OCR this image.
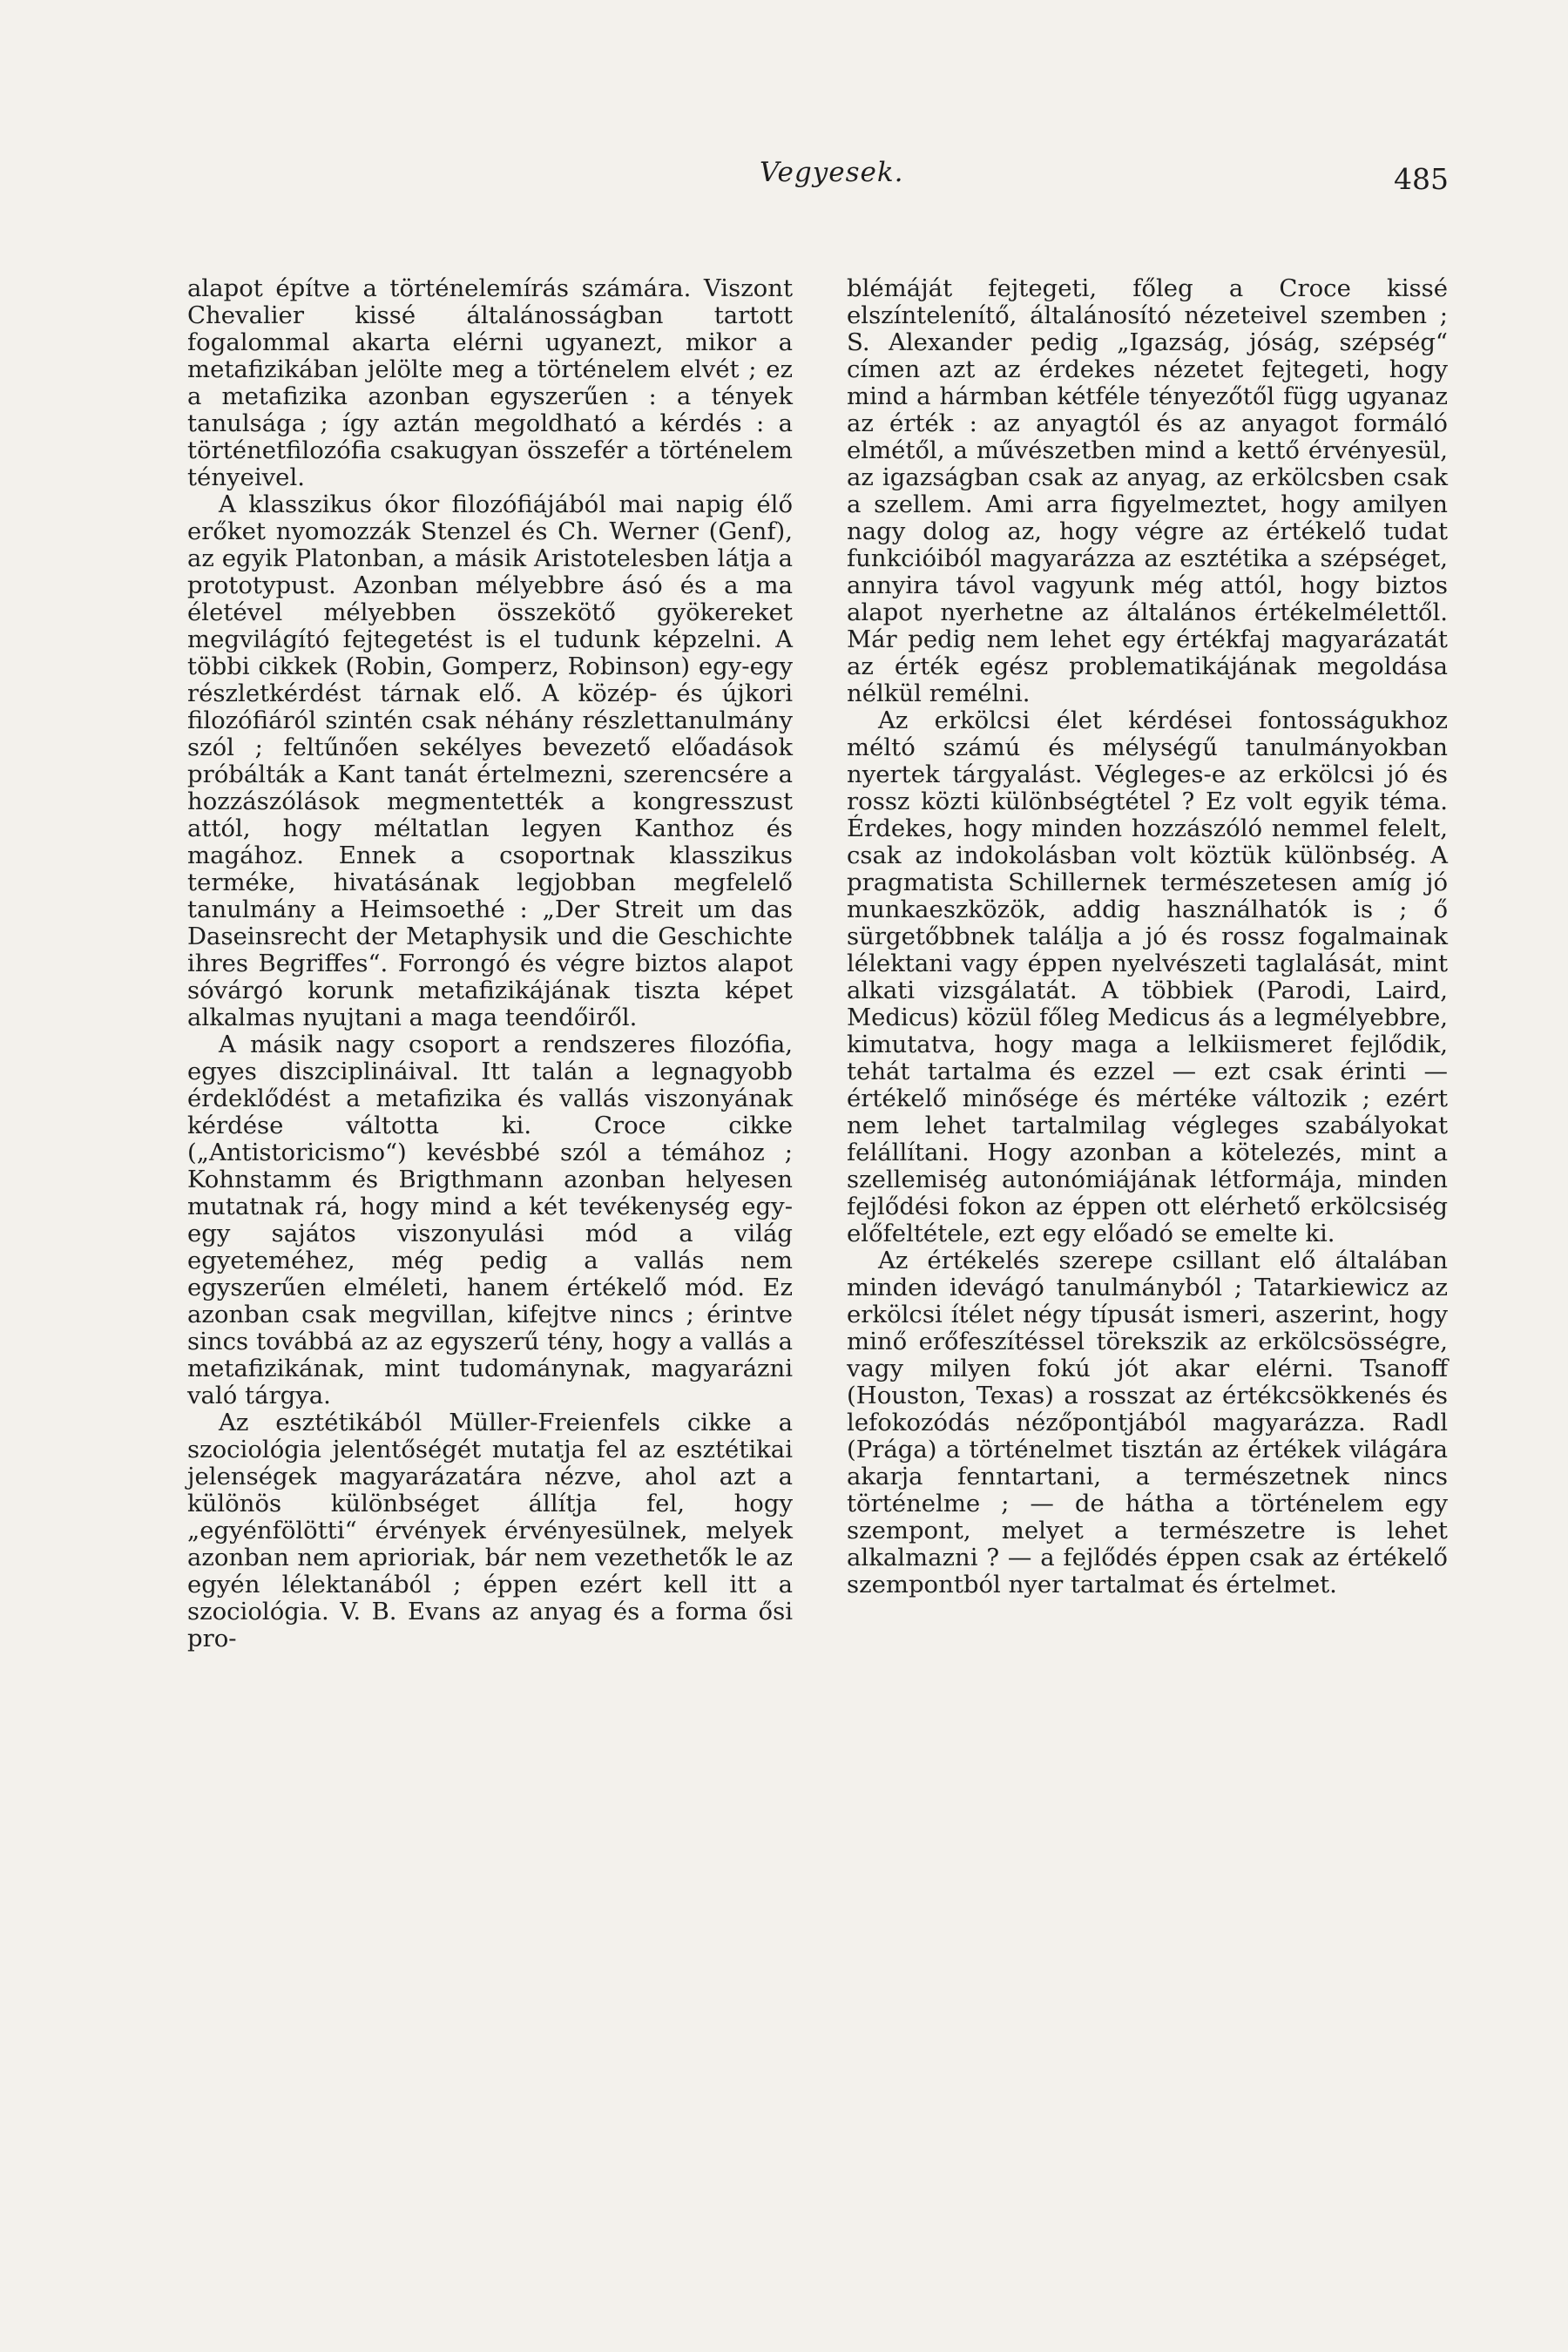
Vegyesek.	485

alapot építve a történelemírás számára. Viszont Chevalier kissé általánosságban tartott fogalommal akarta elérni ugyanezt, mikor a metafizikában jelölte meg a történelem elvét ; ez a metafizika azonban egyszerűen : a tények tanulsága ; így aztán megoldható a kérdés : a történetfilozófia csakugyan összefér a történelem tényeivel.

A klasszikus ókor filozófiájából mai napig élő erőket nyomozzák Stenzel és Ch. Werner (Genf), az egyik Platonban, a másik Aristotelesben látja a prototypust. Azonban mélyebbre ásó és a ma életével mélyebben összekötő gyökereket megvilágító fejtegetést is el tudunk képzelni. A többi cikkek (Robin, Gomperz, Robinson) egy-egy részletkérdést tárnak elő. A közép- és újkori filozófiáról szintén csak néhány részlettanulmány szól ; feltűnően sekélyes bevezető előadások próbálták a Kant tanát értelmezni, szerencsére a hozzászólások megmentették a kongresszust attól, hogy méltatlan legyen Kanthoz és magához. Ennek a csoportnak klasszikus terméke, hivatásának legjobban megfelelő tanulmány a Heimsoethé : „Der Streit um das Daseinsrecht der Metaphysik und die Geschichte ihres Begriffes“. Forrongó és végre biztos alapot sóvárgó korunk metafizikájának tiszta képet alkalmas nyujtani a maga teendőiről.

A másik nagy csoport a rendszeres filozófia, egyes diszciplináival. Itt talán a legnagyobb érdeklődést a metafizika és vallás viszonyának kérdése váltotta ki. Croce cikke („Antistoricismo“) kevésbbé szól a témához ; Kohnstamm és Brigthmann azonban helyesen mutatnak rá, hogy mind a két tevékenység egy-egy sajátos viszonyulási mód a világ egyeteméhez, még pedig a vallás nem egyszerűen elméleti, hanem értékelő mód. Ez azonban csak megvillan, kifejtve nincs ; érintve sincs továbbá az az egyszerű tény, hogy a vallás a metafizikának, mint tudománynak, magyarázni való tárgya.

Az esztétikából Müller-Freienfels cikke a szociológia jelentőségét mutatja fel az esztétikai jelenségek magyarázatára nézve, ahol azt a különös különbséget állítja fel, hogy „egyénfölötti“ érvények érvényesülnek, melyek azonban nem aprioriak, bár nem vezethetők le az egyén lélektanából ; éppen ezért kell itt a szociológia. V. B. Evans az anyag és a forma ősi pro-

blémáját fejtegeti, főleg a Croce kissé elszíntelenítő, általánosító nézeteivel szemben ; S. Alexander pedig „Igazság, jóság, szépség“ címen azt az érdekes nézetet fejtegeti, hogy mind a hármban kétféle tényezőtől függ ugyanaz az érték : az anyagtól és az anyagot formáló elmétől, a művészetben mind a kettő érvényesül, az igazságban csak az anyag, az erkölcsben csak a szellem. Ami arra figyelmeztet, hogy amilyen nagy dolog az, hogy végre az értékelő tudat funkcióiból magyarázza az esztétika a szépséget, annyira távol vagyunk még attól, hogy biztos alapot nyerhetne az általános értékelmélettől. Már pedig nem lehet egy értékfaj magyarázatát az érték egész problematikájának megoldása nélkül remélni.

Az erkölcsi élet kérdései fontosságukhoz méltó számú és mélységű tanulmányokban nyertek tárgyalást. Végleges-e az erkölcsi jó és rossz közti különbségtétel ? Ez volt egyik téma. Érdekes, hogy minden hozzászóló nemmel felelt, csak az indokolásban volt köztük különbség. A pragmatista Schillernek természetesen amíg jó munkaeszközök, addig használhatók is ; ő sürgetőbbnek találja a jó és rossz fogalmainak lélektani vagy éppen nyelvészeti taglalását, mint alkati vizsgálatát. A többiek (Parodi, Laird, Medicus) közül főleg Medicus ás a legmélyebbre, kimutatva, hogy maga a lelkiismeret fejlődik, tehát tartalma és ezzel — ezt csak érinti — értékelő minősége és mértéke változik ; ezért nem lehet tartalmilag végleges szabályokat felállítani. Hogy azonban a kötelezés, mint a szellemiség autonómiájának létformája, minden fejlődési fokon az éppen ott elérhető erkölcsiség előfeltétele, ezt egy előadó se emelte ki.

Az értékelés szerepe csillant elő általában minden idevágó tanulmányból ; Tatarkiewicz az erkölcsi ítélet négy típusát ismeri, aszerint, hogy minő erőfeszítéssel törekszik az erkölcsösségre, vagy milyen fokú jót akar elérni. Tsanoff (Houston, Texas) a rosszat az értékcsökkenés és lefokozódás nézőpontjából magyarázza. Radl (Prága) a történelmet tisztán az értékek világára akarja fenntartani, a természetnek nincs történelme ; — de hátha a történelem egy szempont, melyet a természetre is lehet alkalmazni ? — a fejlődés éppen csak az értékelő szempontból nyer tartalmat és értelmet.
